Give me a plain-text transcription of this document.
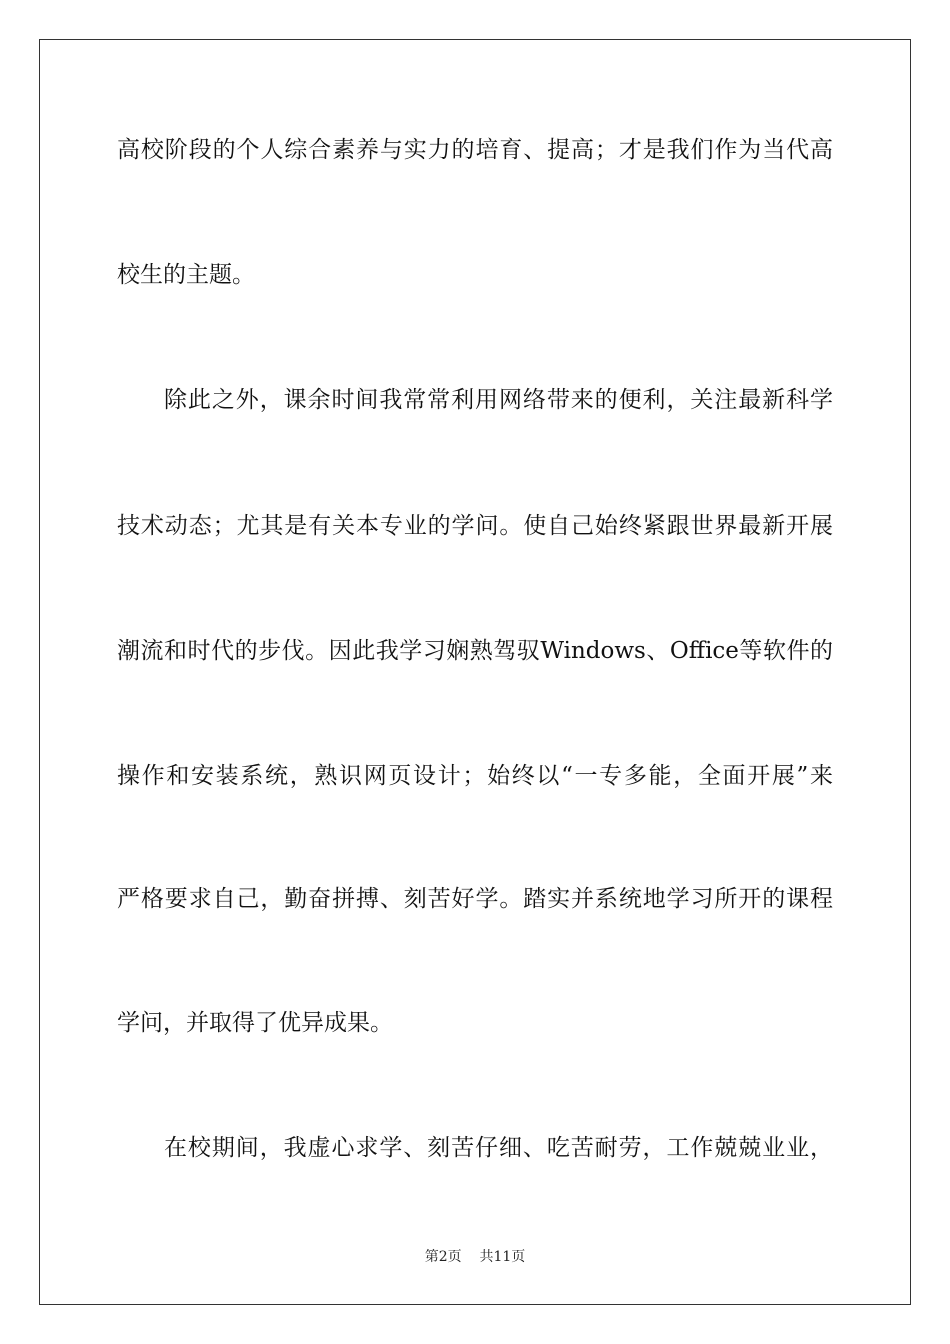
高校阶段的个人综合素养与实力的培育、提高；才是我们作为当代高
校生的主题。
除此之外，课余时间我常常利用网络带来的便利，关注最新科学
技术动态；尤其是有关本专业的学问。使自己始终紧跟世界最新开展
潮流和时代的步伐。因此我学习娴熟驾驭Windows、Office等软件的
操作和安装系统，熟识网页设计；始终以“一专多能，全面开展”来
严格要求自己，勤奋拼搏、刻苦好学。踏实并系统地学习所开的课程
学问，并取得了优异成果。
在校期间，我虚心求学、刻苦仔细、吃苦耐劳，工作兢兢业业，
第2页    共11页
